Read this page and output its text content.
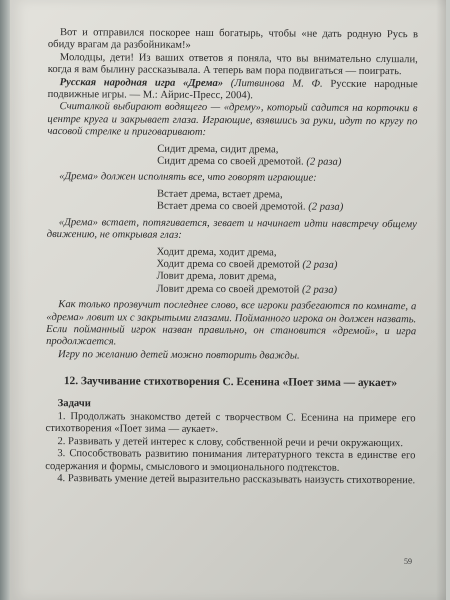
Вот и отправился поскорее наш богатырь, чтобы «не дать родную Русь в обиду врагам да разбойникам!»

Молодцы, дети! Из ваших ответов я поняла, что вы внимательно слушали, когда я вам былину рассказывала. А теперь вам пора подвигаться — поиграть.

Русская народная игра «Дрема» (Литвинова М. Ф. Русские народные подвижные игры. — М.: Айрис-Пресс, 2004).

Считалкой выбирают водящего — «дрему», который садится на корточки в центре круга и закрывает глаза. Играющие, взявшись за руки, идут по кругу по часовой стрелке и приговаривают:

Сидит дрема, сидит дрема,
Сидит дрема со своей дремотой. (2 раза)

«Дрема» должен исполнять все, что говорят играющие:

Встает дрема, встает дрема,
Встает дрема со своей дремотой. (2 раза)

«Дрема» встает, потягивается, зевает и начинает идти навстречу общему движению, не открывая глаз:

Ходит дрема, ходит дрема,
Ходит дрема со своей дремотой (2 раза)
Ловит дрема, ловит дрема,
Ловит дрема со своей дремотой (2 раза)

Как только прозвучит последнее слово, все игроки разбегаются по комнате, а «дрема» ловит их с закрытыми глазами. Пойманного игрока он должен назвать. Если пойманный игрок назван правильно, он становится «дремой», и игра продолжается.

Игру по желанию детей можно повторить дважды.

12. Заучивание стихотворения С. Есенина «Поет зима — аукает»
Задачи

1. Продолжать знакомство детей с творчеством С. Есенина на примере его стихотворения «Поет зима — аукает».

2. Развивать у детей интерес к слову, собственной речи и речи окружающих.

3. Способствовать развитию понимания литературного текста в единстве его содержания и формы, смыслового и эмоционального подтекстов.

4. Развивать умение детей выразительно рассказывать наизусть стихотворение.

59
